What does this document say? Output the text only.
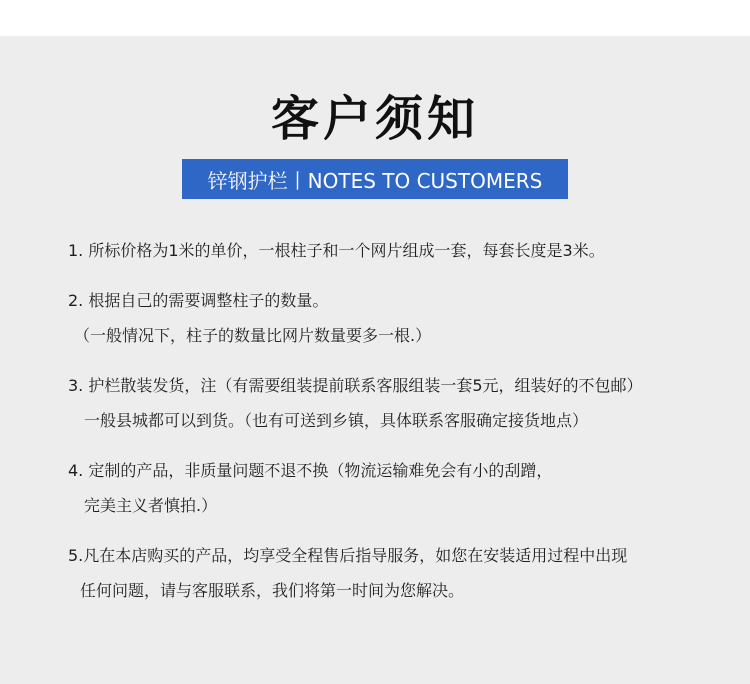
客户须知
锌钢护栏丨NOTES TO CUSTOMERS
1. 所标价格为1米的单价，一根柱子和一个网片组成一套，每套长度是3米。
2. 根据自己的需要调整柱子的数量。
（一般情况下，柱子的数量比网片数量要多一根.）
3. 护栏散装发货，注（有需要组装提前联系客服组装一套5元，组装好的不包邮）
一般县城都可以到货。（也有可送到乡镇，具体联系客服确定接货地点）
4. 定制的产品，非质量问题不退不换（物流运输难免会有小的刮蹭，
完美主义者慎拍.）
5.凡在本店购买的产品，均享受全程售后指导服务，如您在安装适用过程中出现
任何问题，请与客服联系，我们将第一时间为您解决。
